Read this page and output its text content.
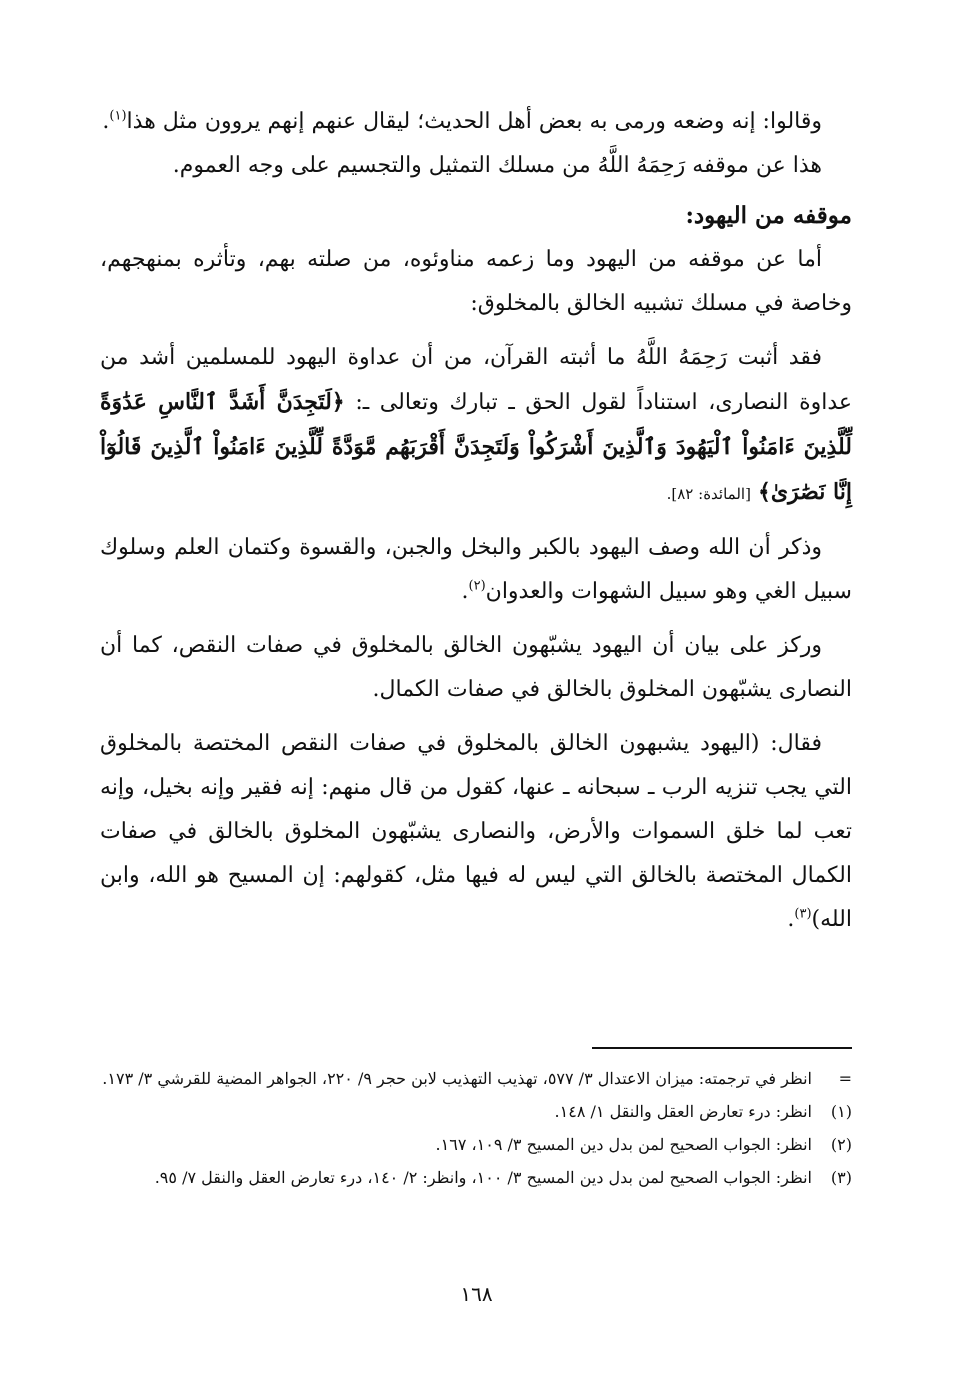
وقالوا: إنه وضعه ورمى به بعض أهل الحديث؛ ليقال عنهم إنهم يروون مثل هذا$^{(١)}$.

هذا عن موقفه رَحِمَهُ اللَّهُ من مسلك التمثيل والتجسيم على وجه العموم.

موقفه من اليهود:

أما عن موقفه من اليهود وما زعمه مناوئوه، من صلته بهم، وتأثره بمنهجهم، وخاصة في مسلك تشبيه الخالق بالمخلوق:

فقد أثبت رَحِمَهُ اللَّهُ ما أثبته القرآن، من أن عداوة اليهود للمسلمين أشد من عداوة النصارى، استناداً لقول الحق ـ تبارك وتعالى ـ: ﴿لَتَجِدَنَّ أَشَدَّ ٱلنَّاسِ عَدَٰوَةً لِّلَّذِينَ ءَامَنُواْ ٱلْيَهُودَ وَٱلَّذِينَ أَشْرَكُواْ وَلَتَجِدَنَّ أَقْرَبَهُم مَّوَدَّةً لِّلَّذِينَ ءَامَنُواْ ٱلَّذِينَ قَالُوٓاْ إِنَّا نَصَٰرَىٰ﴾ [المائدة: ٨٢].

وذكر أن الله وصف اليهود بالكبر والبخل والجبن، والقسوة وكتمان العلم وسلوك سبيل الغي وهو سبيل الشهوات والعدوان$^{(٢)}$.

وركز على بيان أن اليهود يشبّهون الخالق بالمخلوق في صفات النقص، كما أن النصارى يشبّهون المخلوق بالخالق في صفات الكمال.

فقال: (اليهود يشبهون الخالق بالمخلوق في صفات النقص المختصة بالمخلوق التي يجب تنزيه الرب ـ سبحانه ـ عنها، كقول من قال منهم: إنه فقير وإنه بخيل، وإنه تعب لما خلق السموات والأرض، والنصارى يشبّهون المخلوق بالخالق في صفات الكمال المختصة بالخالق التي ليس له فيها مثل، كقولهم: إن المسيح هو الله، وابن الله)$^{(٣)}$.

=
انظر في ترجمته: ميزان الاعتدال ٣/ ٥٧٧، تهذيب التهذيب لابن حجر ٩/ ٢٢٠، الجواهر المضية للقرشي ٣/ ١٧٣.
(١)
انظر: درء تعارض العقل والنقل ١/ ١٤٨.
(٢)
انظر: الجواب الصحيح لمن بدل دين المسيح ٣/ ١٠٩، ١٦٧.
(٣)
انظر: الجواب الصحيح لمن بدل دين المسيح ٣/ ١٠٠، وانظر: ٢/ ١٤٠، درء تعارض العقل والنقل ٧/ ٩٥.
١٦٨
